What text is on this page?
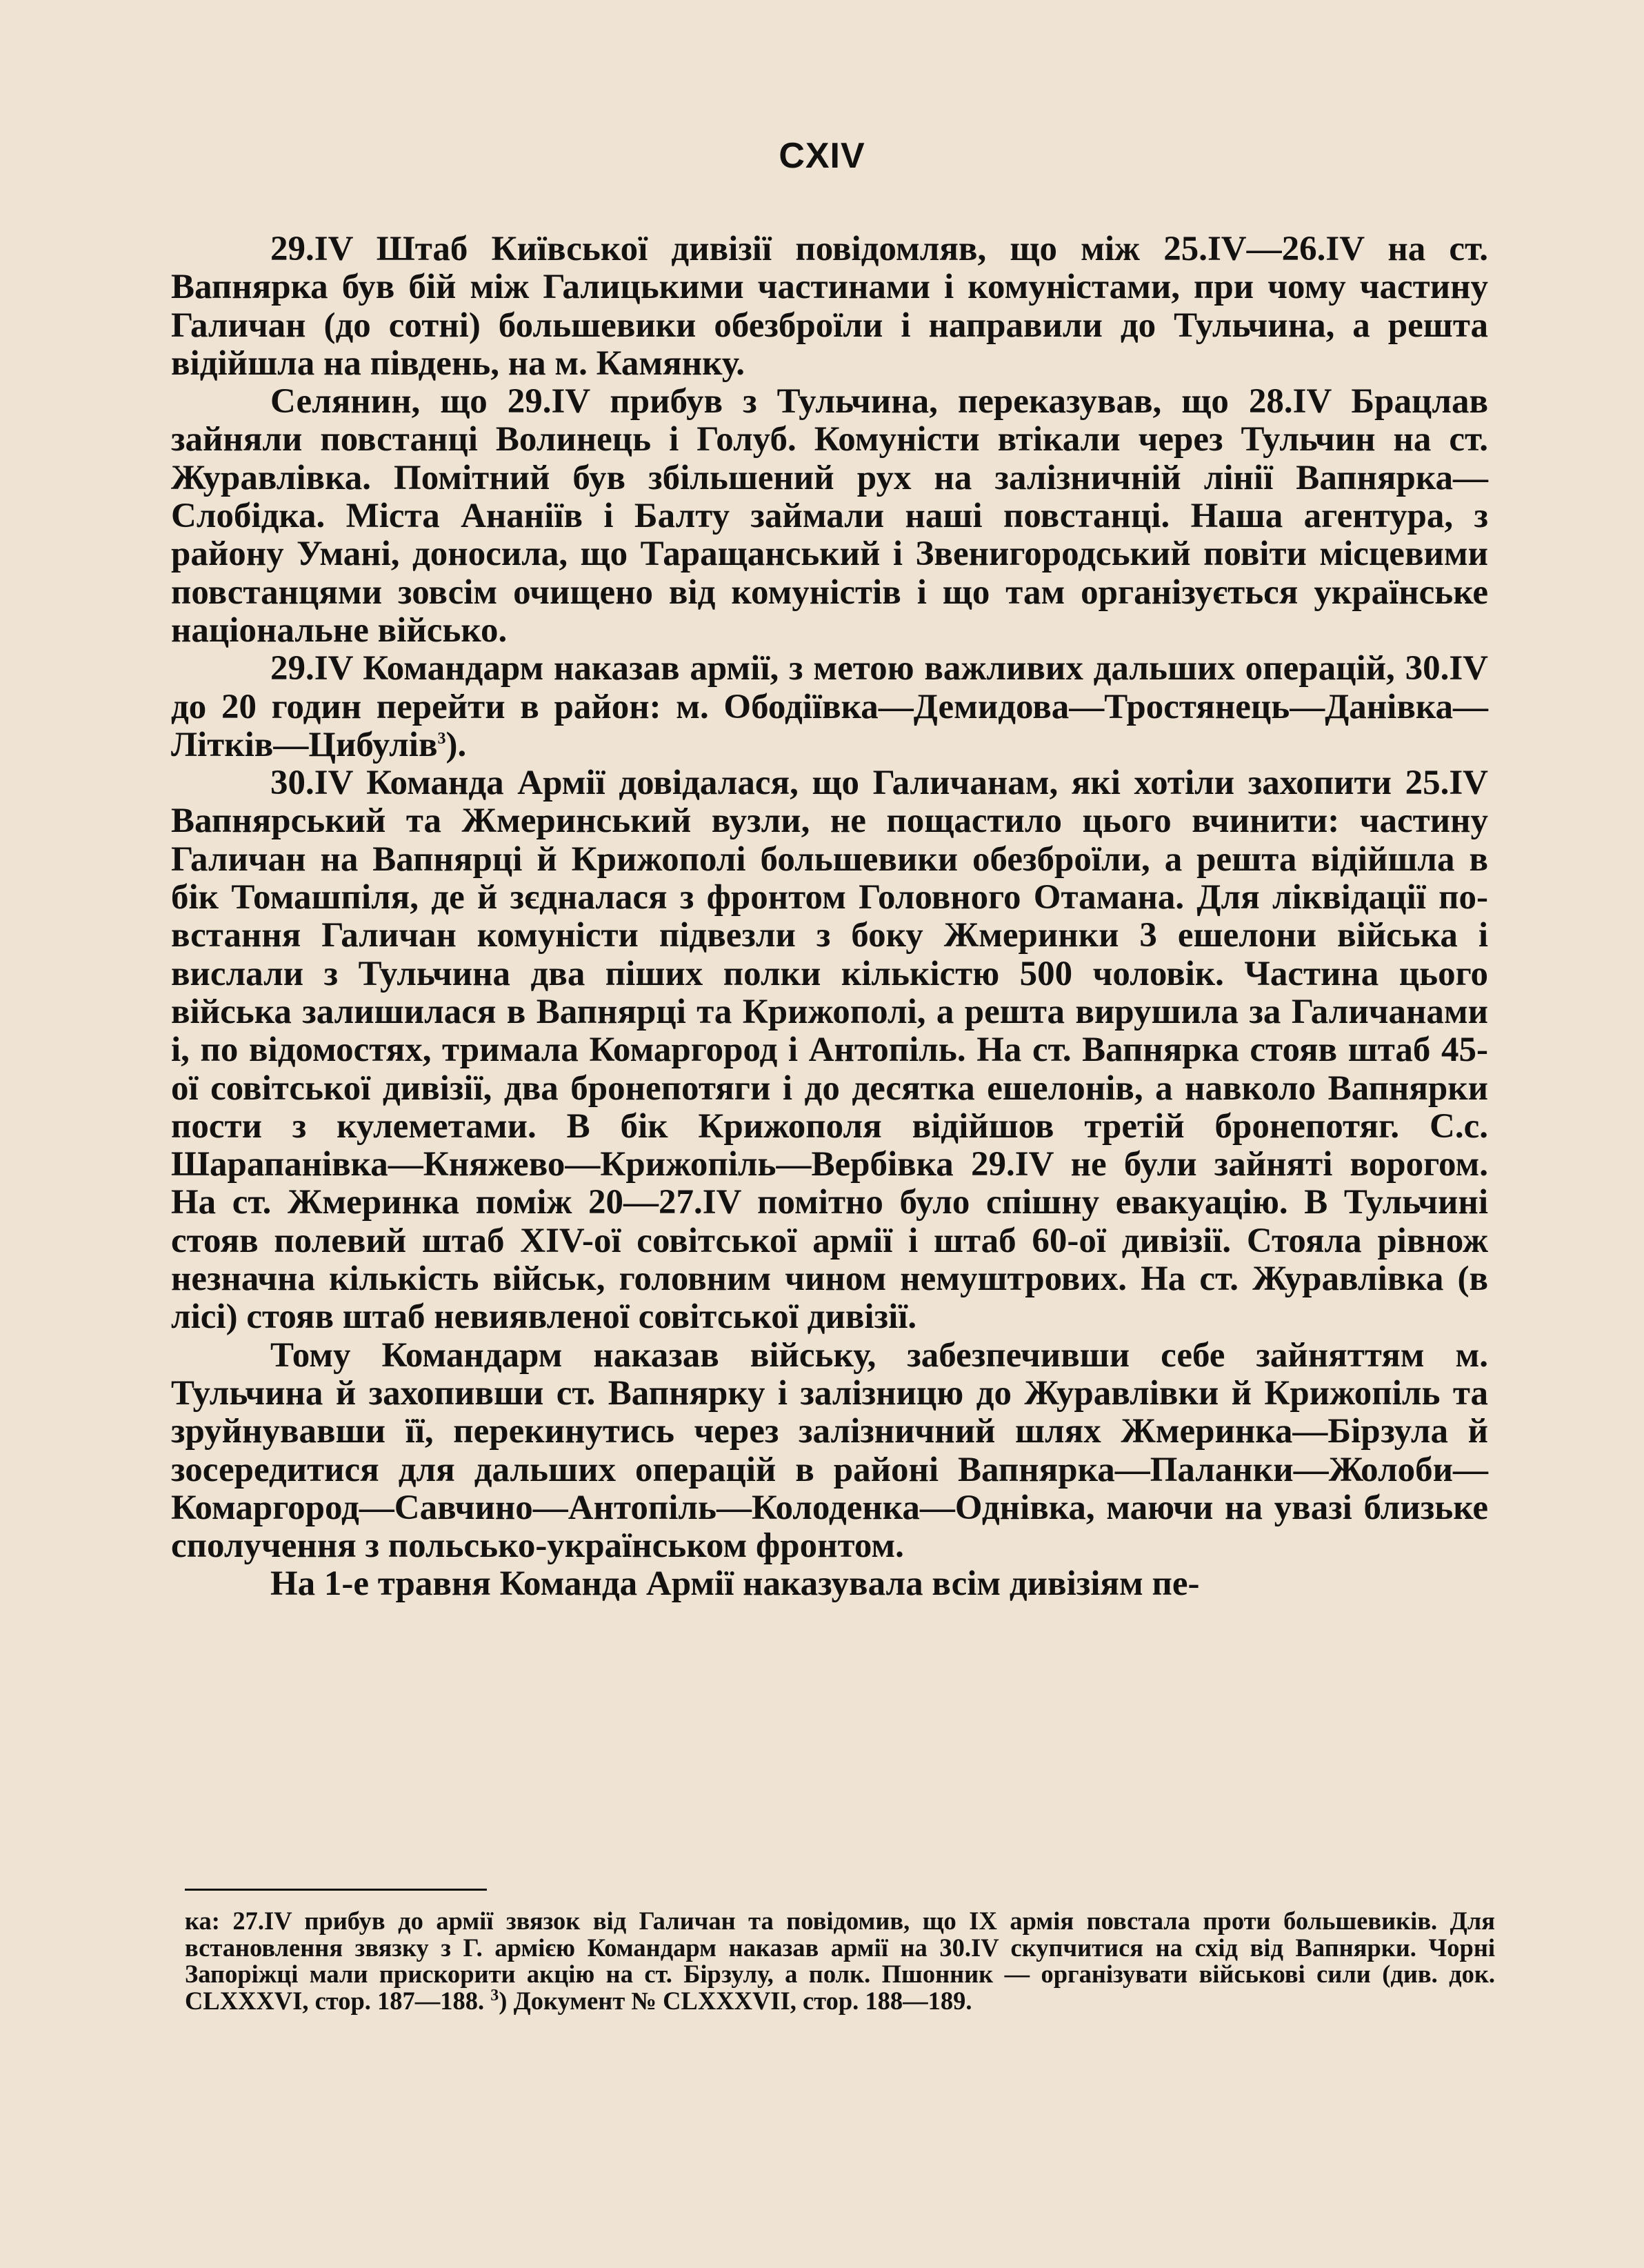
CXIV

29.IV Штаб Київської дивізії повідомляв, що між 25.IV—26.IV на ст. Вапнярка був бій між Галицькими частинами і комуністами, при чому частину Галичан (до сотні) большевики обезброїли і направили до Тульчина, а решта відійшла на південь, на м. Камянку.

Селянин, що 29.IV прибув з Тульчина, переказував, що 28.IV Брацлав зайняли повстанці Волинець і Голуб. Комуністи втікали через Тульчин на ст. Журавлівка. Помітний був збільшений рух на залізничній лінії Вапнярка—Слобідка. Міста Ананіїв і Балту займали наші повстанці. Наша агентура, з району Умані, доносила, що Таращанський і Звенигородський повіти місцевими повстанцями зовсім очищено від комуністів і що там організується українське національне військо.

29.IV Командарм наказав армії, з метою важливих дальших операцій, 30.IV до 20 годин перейти в район: м. Ободіївка—Демидова—Тростянець—Данівка—Літків—Цибулів$^3$).

30.IV Команда Армії довідалася, що Галичанам, які хотіли захопити 25.IV Вапнярський та Жмеринський вузли, не пощастило цього вчинити: частину Галичан на Вапнярці й Крижополі большевики обезброїли, а решта відійшла в бік Томашпіля, де й зєдналася з фронтом Головного Отамана. Для ліквідації повстання Галичан комуністи підвезли з боку Жмеринки 3 ешелони війська і вислали з Тульчина два піших полки кількістю 500 чоловік. Частина цього війська залишилася в Вапнярці та Крижополі, а решта вирушила за Галичанами і, по відомостях, тримала Комаргород і Антопіль. На ст. Вапнярка стояв штаб 45-ої совітської дивізії, два бронепотяги і до десятка ешелонів, а навколо Вапнярки пости з кулеметами. В бік Крижополя відійшов третій бронепотяг. С.с. Шарапанівка—Княжево—Крижопіль—Вербівка 29.IV не були зайняті ворогом. На ст. Жмеринка поміж 20—27.IV помітно було спішну евакуацію. В Тульчині стояв полевий штаб XIV-ої совітської армії і штаб 60-ої дивізії. Стояла рівнож незначна кількість військ, головним чином немуштрових. На ст. Журавлівка (в лісі) стояв штаб невиявленої совітської дивізії.

Тому Командарм наказав війську, забезпечивши себе зайняттям м. Тульчина й захопивши ст. Вапнярку і залізницю до Журавлівки й Крижопіль та зруйнувавши її, перекинутись через залізничний шлях Жмеринка—Бірзула й зосередитися для дальших операцій в районі Вапнярка—Паланки—Жолоби—Комаргород—Савчино—Антопіль—Колоденка—Однівка, маючи на увазі близьке сполучення з польсько-українськом фронтом.

На 1-е травня Команда Армії наказувала всім дивізіям пе-

ка: 27.IV прибув до армії звязок від Галичан та повідомив, що IX армія повстала проти большевиків. Для встановлення звязку з Г. армією Командарм наказав армії на 30.IV скупчитися на схід від Вапнярки. Чорні Запоріжці мали прискорити акцію на ст. Бірзулу, а полк. Пшонник — організувати військові сили (див. док. CLXXXVI, стор. 187—188. $^3$) Документ № CLXXXVII, стор. 188—189.
